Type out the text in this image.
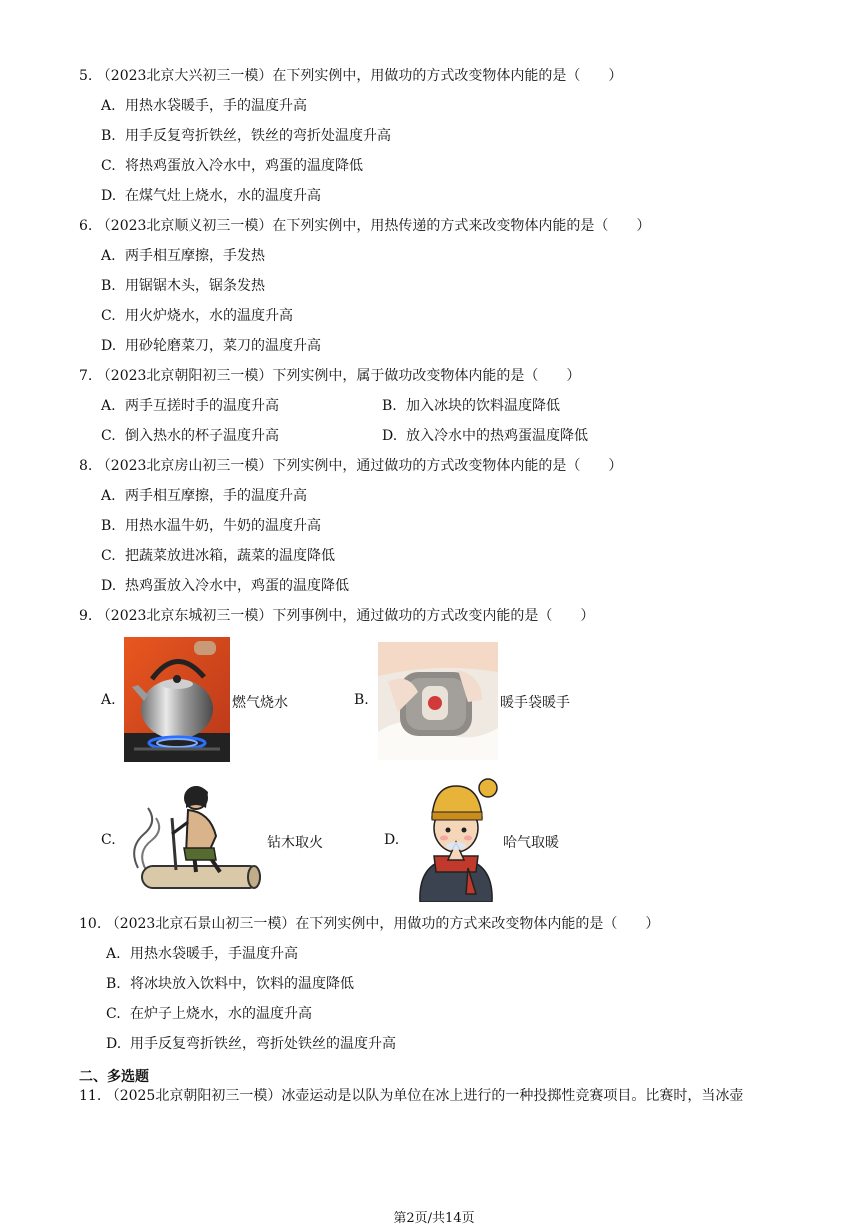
5. （2023北京大兴初三一模）在下列实例中，用做功的方式改变物体内能的是（　　）
A. 用热水袋暖手，手的温度升高
B. 用手反复弯折铁丝，铁丝的弯折处温度升高
C. 将热鸡蛋放入冷水中，鸡蛋的温度降低
D. 在煤气灶上烧水，水的温度升高
6. （2023北京顺义初三一模）在下列实例中，用热传递的方式来改变物体内能的是（　　）
A. 两手相互摩擦，手发热
B. 用锯锯木头，锯条发热
C. 用火炉烧水，水的温度升高
D. 用砂轮磨菜刀，菜刀的温度升高
7. （2023北京朝阳初三一模）下列实例中，属于做功改变物体内能的是（　　）
A. 两手互搓时手的温度升高	B. 加入冰块的饮料温度降低
C. 倒入热水的杯子温度升高	D. 放入冷水中的热鸡蛋温度降低
8. （2023北京房山初三一模）下列实例中，通过做功的方式改变物体内能的是（　　）
A. 两手相互摩擦，手的温度升高
B. 用热水温牛奶，牛奶的温度升高
C. 把蔬菜放进冰箱，蔬菜的温度降低
D. 热鸡蛋放入冷水中，鸡蛋的温度降低
9. （2023北京东城初三一模）下列事例中，通过做功的方式改变内能的是（　　）
A.	燃气烧水	B.	暖手袋暖手
C.	钻木取火	D.	哈气取暖
10. （2023北京石景山初三一模）在下列实例中，用做功的方式来改变物体内能的是（　　）
A. 用热水袋暖手，手温度升高
B. 将冰块放入饮料中，饮料的温度降低
C. 在炉子上烧水，水的温度升高
D. 用手反复弯折铁丝，弯折处铁丝的温度升高
二、多选题
11. （2025北京朝阳初三一模）冰壶运动是以队为单位在冰上进行的一种投掷性竞赛项目。比赛时，当冰壶
第2页/共14页
